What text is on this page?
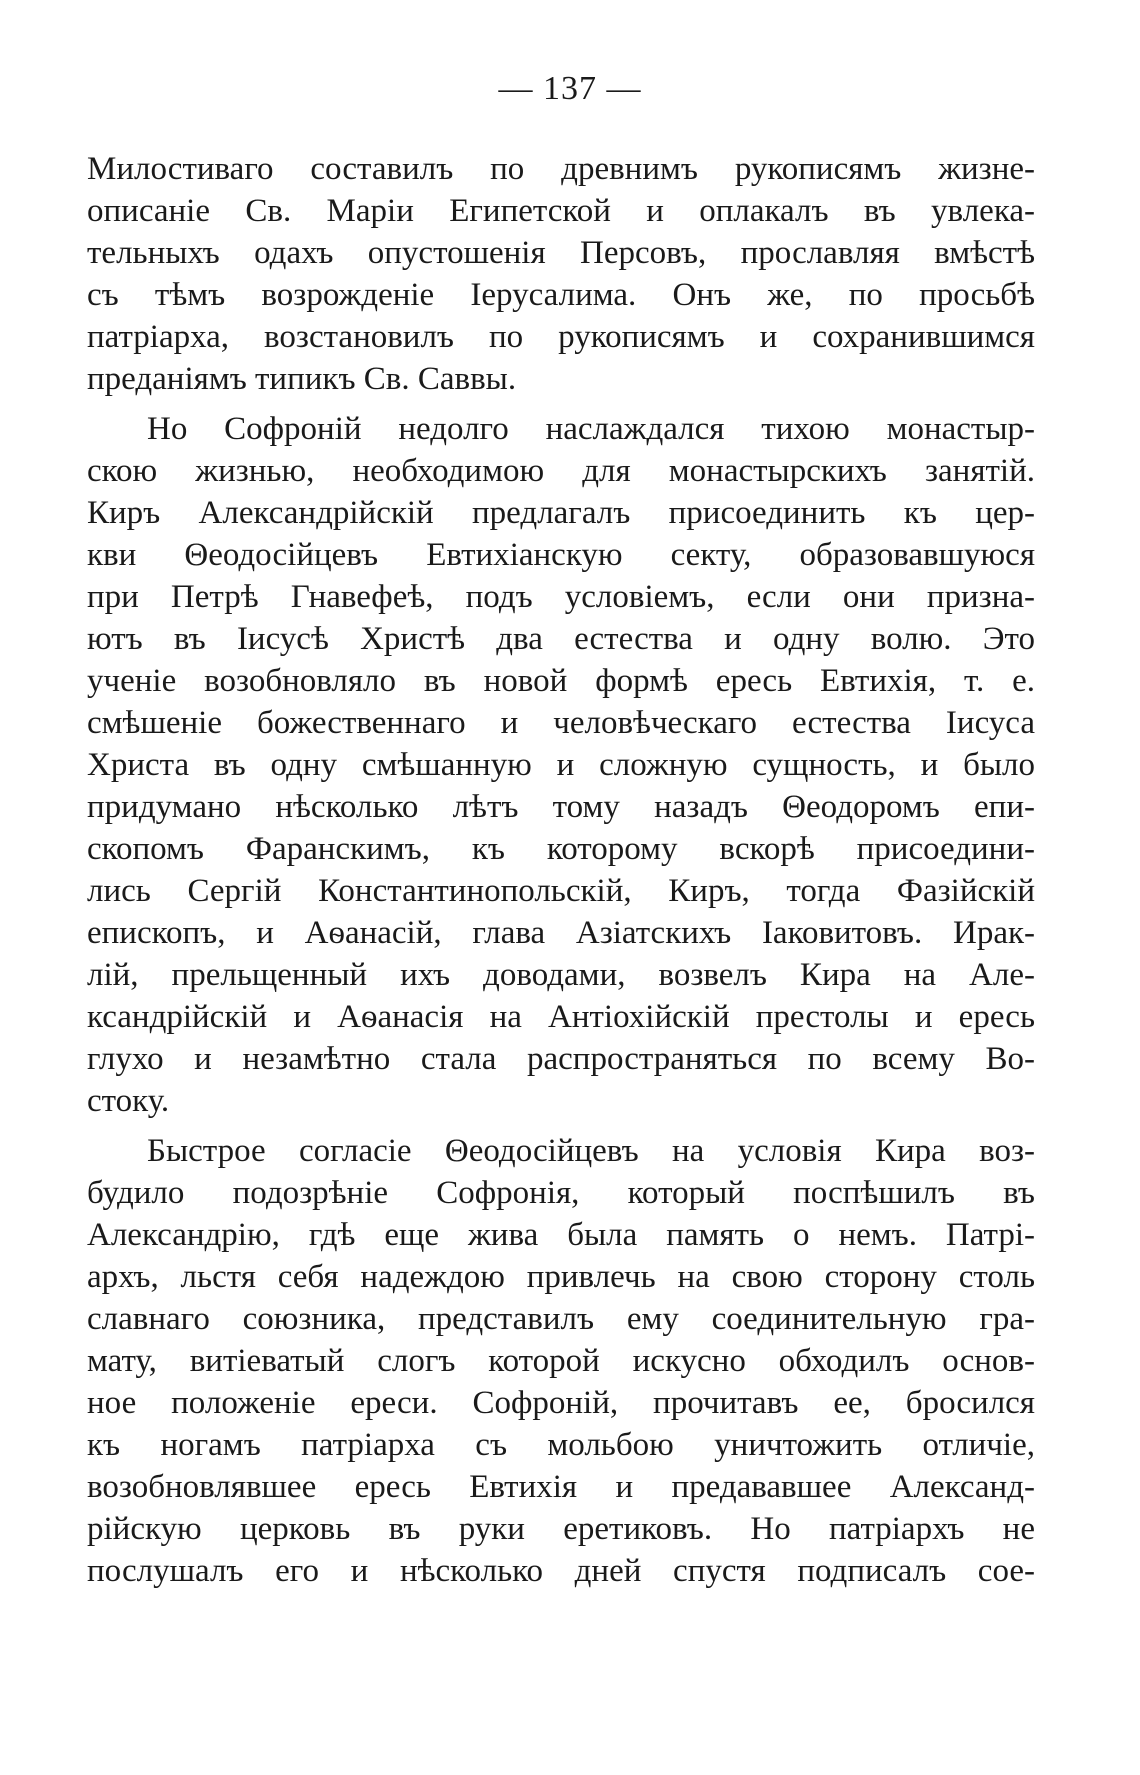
— 137 —
Милостиваго составилъ по древнимъ рукописямъ жизне-
описаніе Св. Маріи Египетской и оплакалъ въ увлека-
тельныхъ одахъ опустошенія Персовъ, прославляя вмѣстѣ
съ тѣмъ возрожденіе Іерусалима. Онъ же, по просьбѣ
патріарха, возстановилъ по рукописямъ и сохранившимся
преданіямъ типикъ Св. Саввы.
Но Софроній недолго наслаждался тихою монастыр-
скою жизнью, необходимою для монастырскихъ занятій.
Киръ Александрійскій предлагалъ присоединить къ цер-
кви Θеодосійцевъ Евтихіанскую секту, образовавшуюся
при Петрѣ Гнавефеѣ, подъ условіемъ, если они призна-
ютъ въ Іисусѣ Христѣ два естества и одну волю. Это
ученіе возобновляло въ новой формѣ ересь Евтихія, т. е.
смѣшеніе божественнаго и человѣческаго естества Іисуса
Христа въ одну смѣшанную и сложную сущность, и было
придумано нѣсколько лѣтъ тому назадъ Θеодоромъ епи-
скопомъ Фаранскимъ, къ которому вскорѣ присоедини-
лись Сергій Константинопольскій, Киръ, тогда Фазійскій
епископъ, и Аѳанасій, глава Азіатскихъ Іаковитовъ. Ирак-
лій, прельщенный ихъ доводами, возвелъ Кира на Але-
ксандрійскій и Аѳанасія на Антіохійскій престолы и ересь
глухо и незамѣтно стала распространяться по всему Во-
стоку.
Быстрое согласіе Θеодосійцевъ на условія Кира воз-
будило подозрѣніе Софронія, который поспѣшилъ въ
Александрію, гдѣ еще жива была память о немъ. Патрі-
архъ, льстя себя надеждою привлечь на свою сторону столь
славнаго союзника, представилъ ему соединительную гра-
мату, витіеватый слогъ которой искусно обходилъ основ-
ное положеніе ереси. Софроній, прочитавъ ее, бросился
къ ногамъ патріарха съ мольбою уничтожить отличіе,
возобновлявшее ересь Евтихія и предававшее Александ-
рійскую церковь въ руки еретиковъ. Но патріархъ не
послушалъ его и нѣсколько дней спустя подписалъ сое-
